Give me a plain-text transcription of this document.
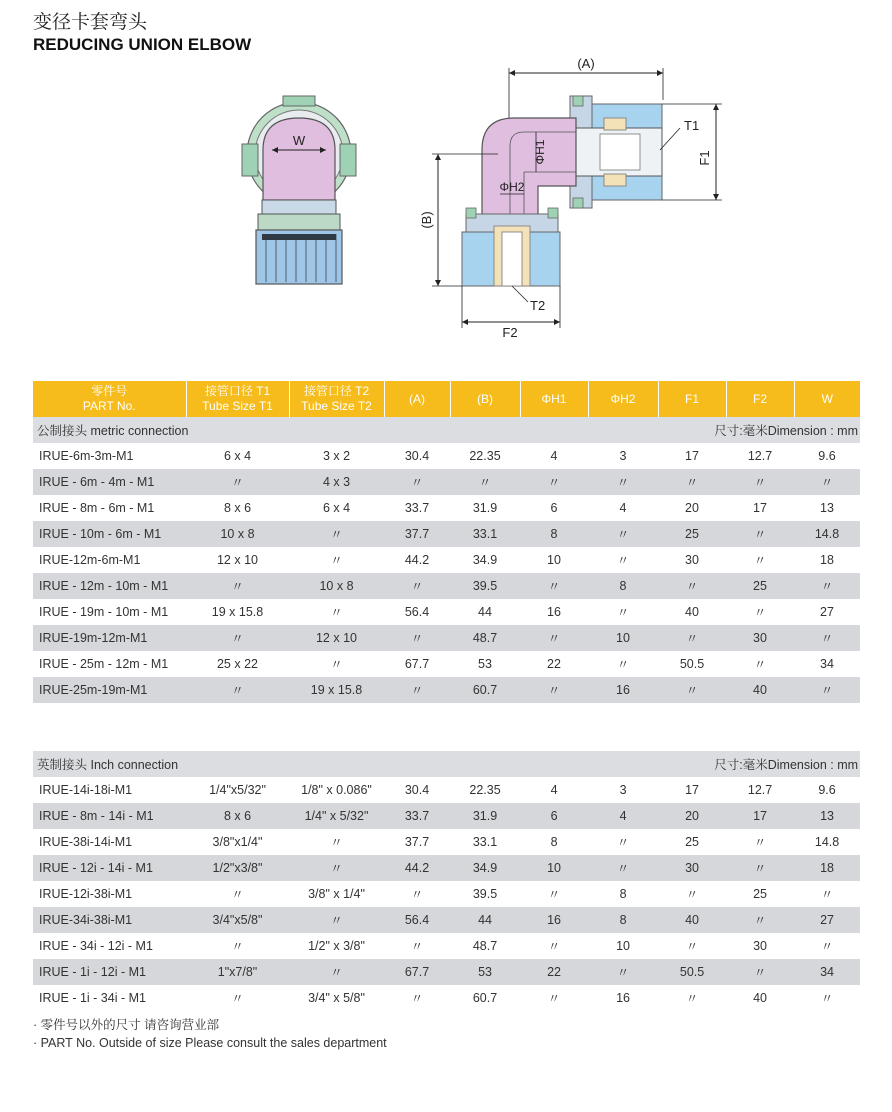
变径卡套弯头
REDUCING UNION ELBOW
W
(A)
ΦH1
ΦH2
T1
F1
(B)
T2
F2
零件号
PART No.	接管口径 T1
Tube Size T1	接管口径 T2
Tube Size T2	(A)	(B)	ΦH1	ΦH2	F1	F2	W
公制接头 metric connection					尺寸:毫米Dimension : mm				
IRUE-6m-3m-M1	6 x 4	3 x 2	30.4	22.35	4	3	17	12.7	9.6
IRUE - 6m - 4m - M1	〃	4 x 3	〃	〃	〃	〃	〃	〃	〃
IRUE - 8m - 6m - M1	8 x 6	6 x 4	33.7	31.9	6	4	20	17	13
IRUE - 10m - 6m - M1	10 x 8	〃	37.7	33.1	8	〃	25	〃	14.8
IRUE-12m-6m-M1	12 x 10	〃	44.2	34.9	10	〃	30	〃	18
IRUE - 12m - 10m - M1	〃	10 x 8	〃	39.5	〃	8	〃	25	〃
IRUE - 19m - 10m - M1	19 x 15.8	〃	56.4	44	16	〃	40	〃	27
IRUE-19m-12m-M1	〃	12 x 10	〃	48.7	〃	10	〃	30	〃
IRUE - 25m - 12m - M1	25 x 22	〃	67.7	53	22	〃	50.5	〃	34
IRUE-25m-19m-M1	〃	19 x 15.8	〃	60.7	〃	16	〃	40	〃
英制接头 Inch connection					尺寸:毫米Dimension : mm				
IRUE-14i-18i-M1	1/4"x5/32"	1/8" x 0.086"	30.4	22.35	4	3	17	12.7	9.6
IRUE - 8m - 14i - M1	8 x 6	1/4" x 5/32"	33.7	31.9	6	4	20	17	13
IRUE-38i-14i-M1	3/8"x1/4"	〃	37.7	33.1	8	〃	25	〃	14.8
IRUE - 12i - 14i - M1	1/2"x3/8"	〃	44.2	34.9	10	〃	30	〃	18
IRUE-12i-38i-M1	〃	3/8" x 1/4"	〃	39.5	〃	8	〃	25	〃
IRUE-34i-38i-M1	3/4"x5/8"	〃	56.4	44	16	8	40	〃	27
IRUE - 34i - 12i - M1	〃	1/2" x 3/8"	〃	48.7	〃	10	〃	30	〃
IRUE - 1i - 12i - M1	1"x7/8"	〃	67.7	53	22	〃	50.5	〃	34
IRUE - 1i - 34i - M1	〃	3/4" x 5/8"	〃	60.7	〃	16	〃	40	〃
· 零件号以外的尺寸 请咨询营业部
· PART No. Outside of size Please consult the sales department
